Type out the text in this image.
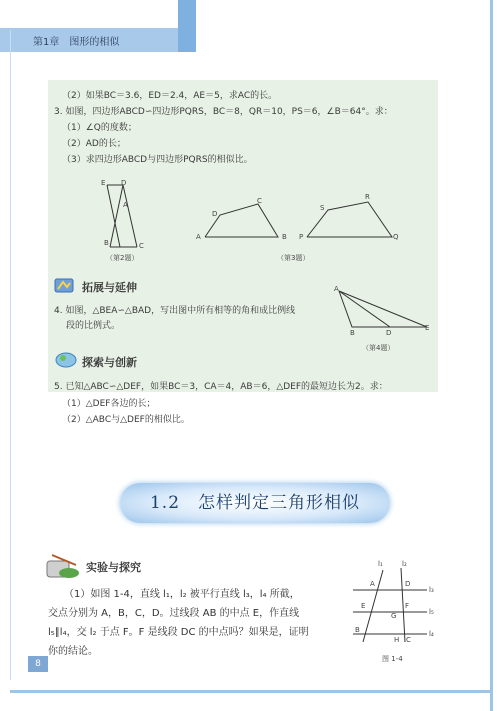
第1章　图形的相似
（2）如果BC＝3.6，ED＝2.4，AE＝5，求AC的长。
3. 如图，四边形ABCD∽四边形PQRS，BC＝8，QR＝10，PS＝6，∠B＝64°。求：
（1）∠Q的度数；
（2）AD的长；
（3）求四边形ABCD与四边形PQRS的相似比。
E D
A
B	C
（第2题）
A	B
C
D
P	Q
R
S
（第3题）
拓展与延伸
4. 如图，△BEA∽△BAD，写出图中所有相等的角和成比例线
段的比例式。
A
B	D
E
（第4题）
探索与创新
5. 已知△ABC∽△DEF，如果BC＝3，CA＝4，AB＝6，△DEF的最短边长为2。求：
（1）△DEF各边的长；
（2）△ABC与△DEF的相似比。
1.2　怎样判定三角形相似
实验与探究
（1）如图 1-4，直线 l₁，l₂ 被平行直线 l₃，l₄ 所截，
交点分别为 A，B，C，D。过线段 AB 的中点 E，作直线
l₅∥l₄，交 l₂ 于点 F。F 是线段 DC 的中点吗？如果是，证明
你的结论。
l₁	l₂
l₃
l₅
l₄
A	D
E	F
G
B
H C
图 1-4
8
